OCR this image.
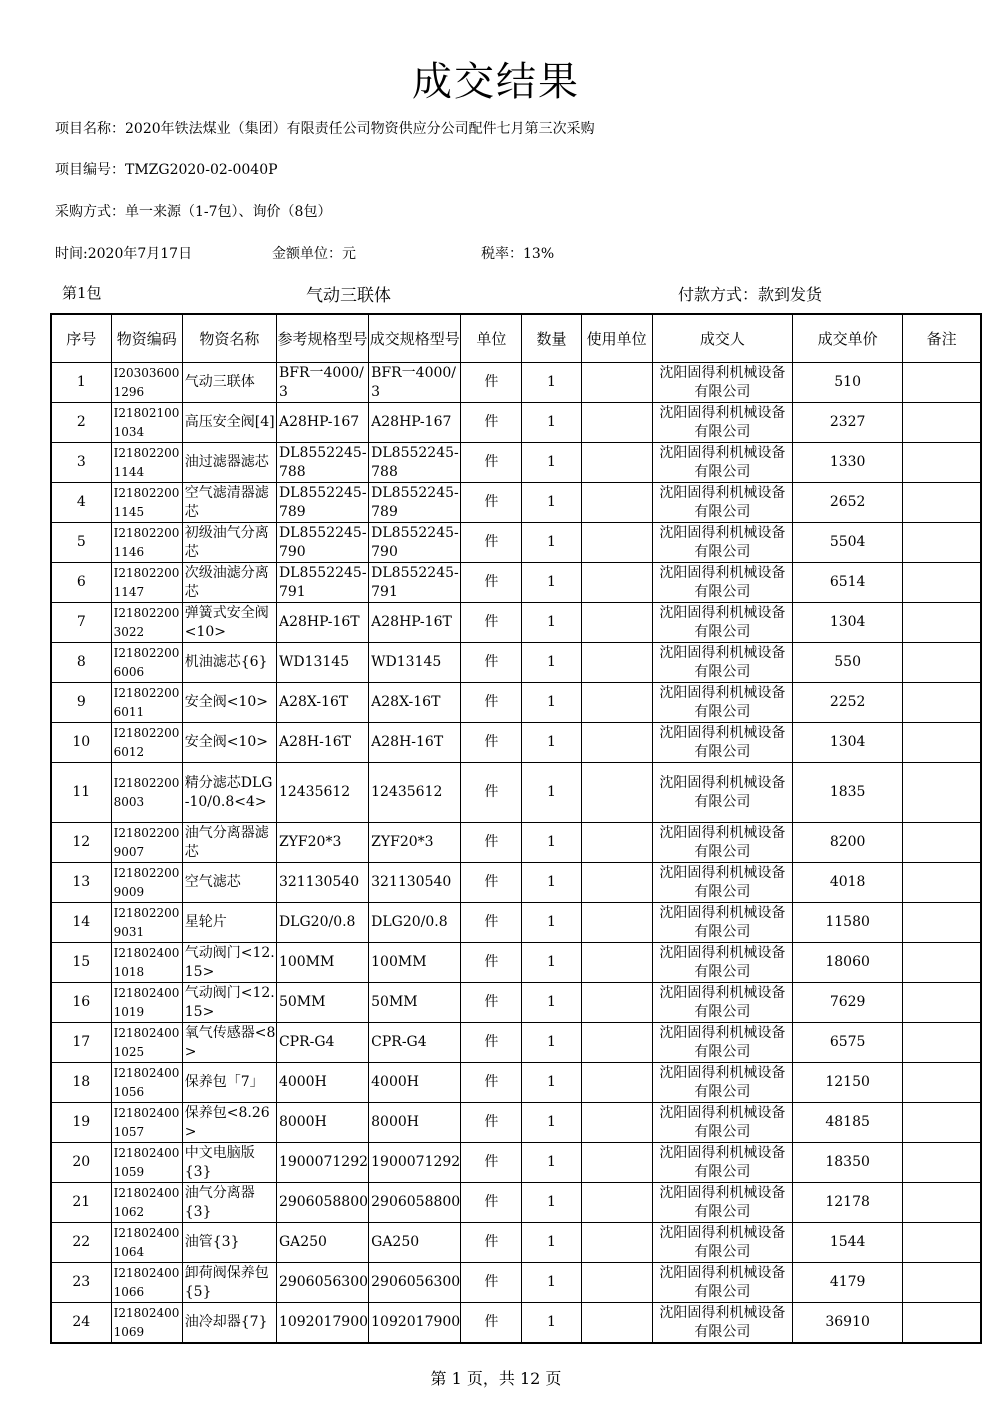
成交结果
项目名称：2020年铁法煤业（集团）有限责任公司物资供应分公司配件七月第三次采购
项目编号：TMZG2020-02-0040P
采购方式：单一来源（1-7包）、询价（8包）
时间:2020年7月17日	金额单位：元	税率：13%
第1包	气动三联体	付款方式：款到发货
序号	物资编码	物资名称	参考规格型号	成交规格型号	单位	数量	使用单位	成交人	成交单价	备注
1	I203036001296	气动三联体	BFR一4000/3	BFR一4000/3	件	1		沈阳固得利机械设备有限公司	510	
2	I218021001034	高压安全阀[4]	A28HP-167	A28HP-167	件	1		沈阳固得利机械设备有限公司	2327	
3	I218022001144	油过滤器滤芯	DL8552245-788	DL8552245-788	件	1		沈阳固得利机械设备有限公司	1330	
4	I218022001145	空气滤清器滤芯	DL8552245-789	DL8552245-789	件	1		沈阳固得利机械设备有限公司	2652	
5	I218022001146	初级油气分离芯	DL8552245-790	DL8552245-790	件	1		沈阳固得利机械设备有限公司	5504	
6	I218022001147	次级油滤分离芯	DL8552245-791	DL8552245-791	件	1		沈阳固得利机械设备有限公司	6514	
7	I218022003022	弹簧式安全阀<10>	A28HP-16T	A28HP-16T	件	1		沈阳固得利机械设备有限公司	1304	
8	I218022006006	机油滤芯{6}	WD13145	WD13145	件	1		沈阳固得利机械设备有限公司	550	
9	I218022006011	安全阀<10>	A28X-16T	A28X-16T	件	1		沈阳固得利机械设备有限公司	2252	
10	I218022006012	安全阀<10>	A28H-16T	A28H-16T	件	1		沈阳固得利机械设备有限公司	1304	
11	I218022008003	精分滤芯DLG-10/0.8<4>	12435612	12435612	件	1		沈阳固得利机械设备有限公司	1835	
12	I218022009007	油气分离器滤芯	ZYF20*3	ZYF20*3	件	1		沈阳固得利机械设备有限公司	8200	
13	I218022009009	空气滤芯	321130540	321130540	件	1		沈阳固得利机械设备有限公司	4018	
14	I218022009031	星轮片	DLG20/0.8	DLG20/0.8	件	1		沈阳固得利机械设备有限公司	11580	
15	I218024001018	气动阀门<12.15>	100MM	100MM	件	1		沈阳固得利机械设备有限公司	18060	
16	I218024001019	气动阀门<12.15>	50MM	50MM	件	1		沈阳固得利机械设备有限公司	7629	
17	I218024001025	氧气传感器<8>	CPR-G4	CPR-G4	件	1		沈阳固得利机械设备有限公司	6575	
18	I218024001056	保养包「7」	4000H	4000H	件	1		沈阳固得利机械设备有限公司	12150	
19	I218024001057	保养包<8.26>	8000H	8000H	件	1		沈阳固得利机械设备有限公司	48185	
20	I218024001059	中文电脑版{3}	1900071292	1900071292	件	1		沈阳固得利机械设备有限公司	18350	
21	I218024001062	油气分离器{3}	2906058800	2906058800	件	1		沈阳固得利机械设备有限公司	12178	
22	I218024001064	油管{3}	GA250	GA250	件	1		沈阳固得利机械设备有限公司	1544	
23	I218024001066	卸荷阀保养包{5}	2906056300	2906056300	件	1		沈阳固得利机械设备有限公司	4179	
24	I218024001069	油冷却器{7}	1092017900	1092017900	件	1		沈阳固得利机械设备有限公司	36910	
第 1 页，共 12 页
